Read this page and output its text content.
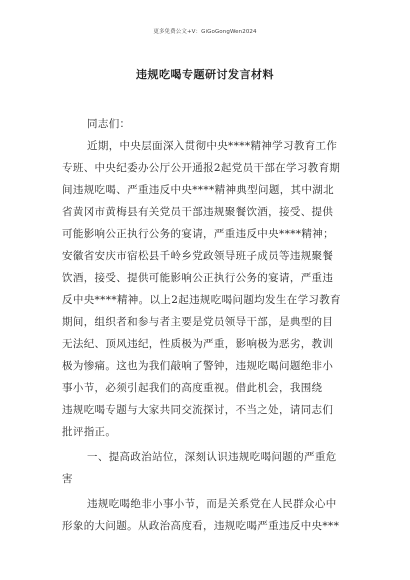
更多免费公文+V：GiGoGongWen2024
违规吃喝专题研讨发言材料
同志们：
近期，中央层面深入贯彻中央****精神学习教育工作
专班、中央纪委办公厅公开通报2起党员干部在学习教育期
间违规吃喝、严重违反中央****精神典型问题，其中湖北
省黄冈市黄梅县有关党员干部违规聚餐饮酒，接受、提供
可能影响公正执行公务的宴请，严重违反中央****精神；
安徽省安庆市宿松县千岭乡党政领导班子成员等违规聚餐
饮酒，接受、提供可能影响公正执行公务的宴请，严重违
反中央****精神。以上2起违规吃喝问题均发生在学习教育
期间，组织者和参与者主要是党员领导干部，是典型的目
无法纪、顶风违纪，性质极为严重，影响极为恶劣，教训
极为惨痛。这也为我们敲响了警钟，违规吃喝问题绝非小
事小节，必须引起我们的高度重视。借此机会，我围绕
违规吃喝专题与大家共同交流探讨，不当之处，请同志们
批评指正。
一、提高政治站位，深刻认识违规吃喝问题的严重危
害
违规吃喝绝非小事小节，而是关系党在人民群众心中
形象的大问题。从政治高度看，违规吃喝严重违反中央***
